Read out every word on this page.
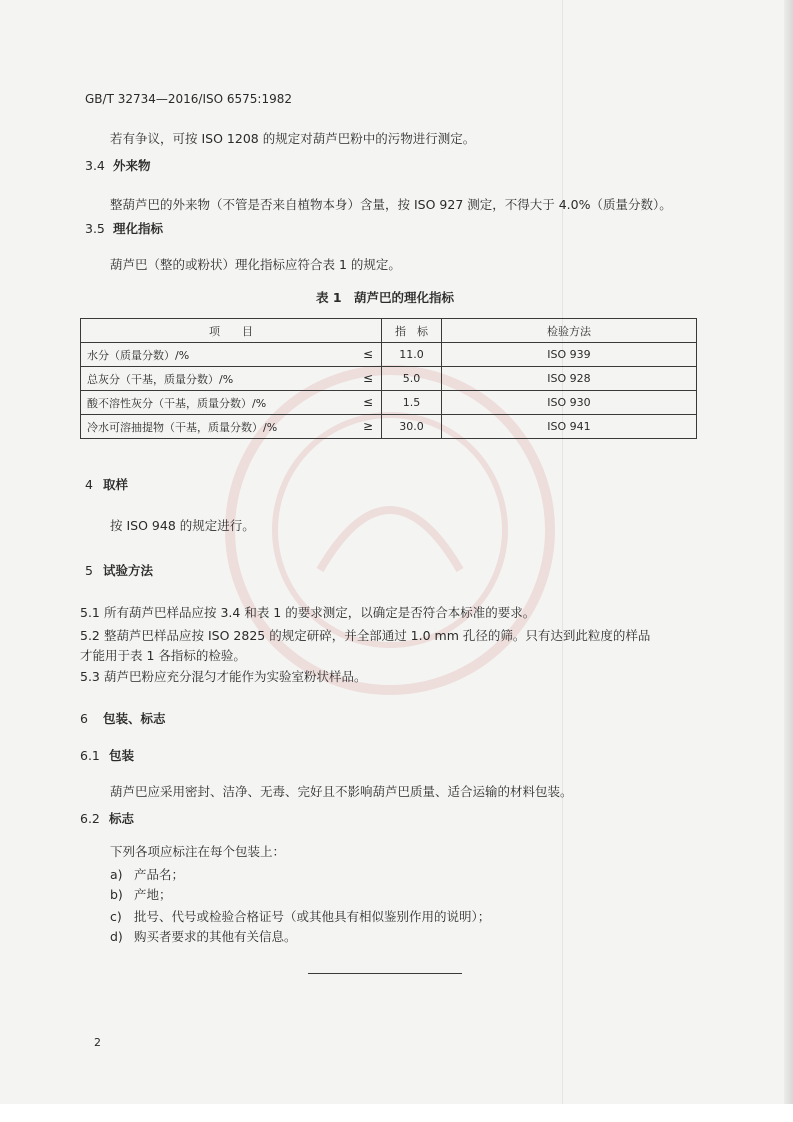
GB/T 32734—2016/ISO 6575:1982
若有争议，可按 ISO 1208 的规定对葫芦巴粉中的污物进行测定。
3.4 外来物
整葫芦巴的外来物（不管是否来自植物本身）含量，按 ISO 927 测定，不得大于 4.0%（质量分数）。
3.5 理化指标
葫芦巴（整的或粉状）理化指标应符合表 1 的规定。
表 1　葫芦巴的理化指标
项　　目	指　标	检验方法
水分（质量分数）/% ≤	11.0	ISO 939
总灰分（干基，质量分数）/% ≤	5.0	ISO 928
酸不溶性灰分（干基，质量分数）/% ≤	1.5	ISO 930
冷水可溶抽提物（干基，质量分数）/% ≥	30.0	ISO 941
4 取样
按 ISO 948 的规定进行。
5 试验方法
5.1 所有葫芦巴样品应按 3.4 和表 1 的要求测定，以确定是否符合本标准的要求。
5.2 整葫芦巴样品应按 ISO 2825 的规定研碎，并全部通过 1.0 mm 孔径的筛。只有达到此粒度的样品
才能用于表 1 各指标的检验。
5.3 葫芦巴粉应充分混匀才能作为实验室粉状样品。
6 包装、标志
6.1 包装
葫芦巴应采用密封、洁净、无毒、完好且不影响葫芦巴质量、适合运输的材料包装。
6.2 标志
下列各项应标注在每个包装上：
a) 产品名；
b) 产地；
c) 批号、代号或检验合格证号（或其他具有相似鉴别作用的说明）；
d) 购买者要求的其他有关信息。
2
